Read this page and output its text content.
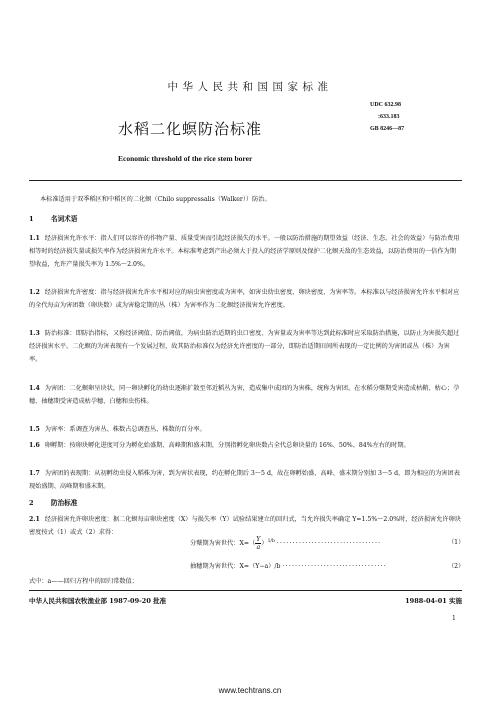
中华人民共和国国家标准
水稻二化螟防治标准
Economic threshold of the rice stem borer
UDC 632.98
:633.183
GB 8246—87
本标准适用于双季稻区和中稻区的二化螟（Chilo suppressalis（Walker））防治。
1	名词术语
1.1 经济损害允许水平：指人们可以容许的作物产量、质量受害而引起经济损失的水平。一般以防治措施的期望效益（经济、生态、社会的效益）与防治费用相等时的经济损失量或损失率作为经济损害允许水平。本标准考虑到产出必须大于投入的经济学原则及保护二化螟天敌的生态效益，以防治费用的一倍作为期望收益，允许产量损失率为 1.5%～2.0%。
1.2 经济损害允许密度：指与经济损害允许水平相对应的病虫害密度或为害率，如害虫幼虫密度、卵块密度、为害率等。本标准以与经济损害允许水平相对应的全代每亩为害团数（卵块数）或为害稳定期的丛（株）为害率作为二化螟经济损害允许密度。
1.3 防治标准：即防治指标，又称经济阈值、防治阈值，为病虫防治适期的虫口密度、为害量或为害率等达到此标准时应采取防治措施，以防止为害损失超过经济损害水平。二化螟的为害表现有一个发展过程，故其防治标准仅为经济允许密度的一部分，即防治适期田间所表现的一定比例的为害团或丛（株）为害率。
1.4 为害团：二化螟卵呈块状，同一卵块孵化的幼虫逐渐扩散至邻近稻丛为害，造成集中成团的为害株，统称为害团。在水稻分蘖期受害造成枯鞘、枯心；孕穗、抽穗期受害造成枯孕穗、白穗和虫伤株。
1.5 为害率：系调查为害丛、株数占总调查丛、株数的百分率。
1.6 卵孵期：按卵块孵化进度可分为孵化始盛期、高峰期和盛末期，分别指孵化卵块数占全代总卵块量的 16%、50%、84%左右的时期。
1.7 为害团的表现期：从初孵幼虫侵入稻株为害，到为害状表现，约在孵化期后 3～5 d，故在卵孵始盛、高峰、盛末期分别加 3～5 d，即为相应的为害团表现始盛期、高峰期和盛末期。
2	防治标准
2.1 经济损害允许卵块密度：据二化螟每亩卵块密度（X）与损失率（Y）试验结果建立的回归式，当允许损失率确定 Y=1.5%～2.0%时，经济损害允许卵块密度按式（1）或式（2）求得：
分蘖期为害世代：$X=( \frac{Y}{a} )^{1/b}$ ·································	（1）
抽穗期为害世代：X=（Y−a）/b ·································	（2）
式中：a——回归方程中的回归常数值；
中华人民共和国农牧渔业部 1987-09-20 批准	1988-04-01 实施
1
www.techtrans.cn
